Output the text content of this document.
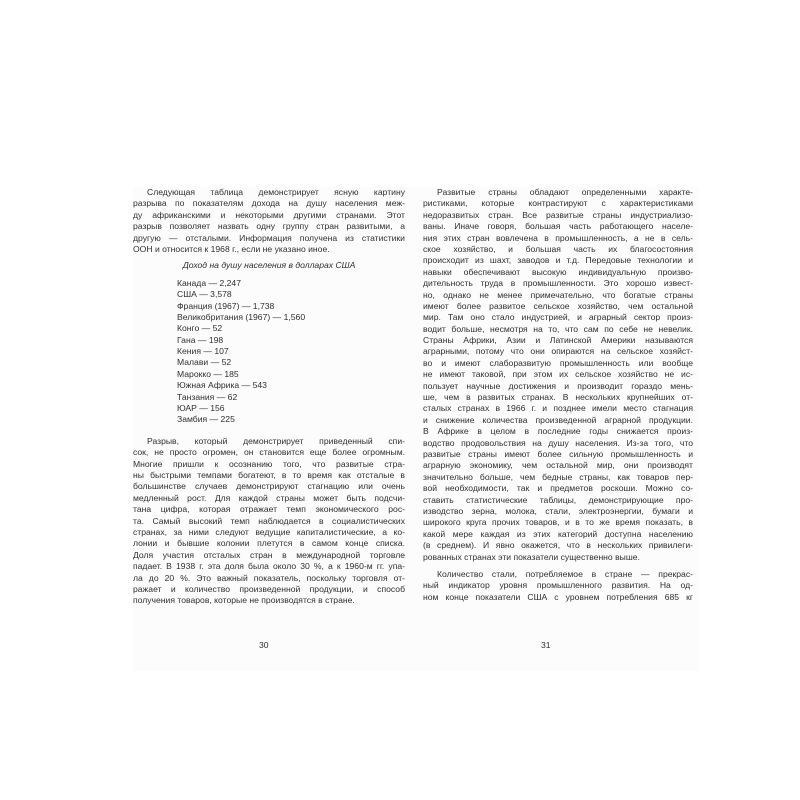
Следующая таблица демонстрирует ясную картину
разрыва по показателям дохода на душу населения меж-
ду африканскими и некоторыми другими странами. Этот
разрыв позволяет назвать одну группу стран развитыми, а
другую — отсталыми. Информация получена из статистики
ООН и относится к 1968 г., если не указано иное.
Доход на душу населения в долларах США
Канада — 2,247
США — 3,578
Франция (1967) — 1,738
Великобритания (1967) — 1,560
Конго — 52
Гана — 198
Кения — 107
Малави — 52
Марокко — 185
Южная Африка — 543
Танзания — 62
ЮАР — 156
Замбия — 225
Разрыв, который демонстрирует приведенный спи-
сок, не просто огромен, он становится еще более огромным.
Многие пришли к осознанию того, что развитые стра-
ны быстрыми темпами богатеют, в то время как отсталые в
большинстве случаев демонстрируют стагнацию или очень
медленный рост. Для каждой страны может быть подсчи-
тана цифра, которая отражает темп экономического рос-
та. Самый высокий темп наблюдается в социалистических
странах, за ними следуют ведущие капиталистические, а ко-
лонии и бывшие колонии плетутся в самом конце списка.
Доля участия отсталых стран в международной торговле
падает. В 1938 г. эта доля была около 30 %, а к 1960-м гг. упа-
ла до 20 %. Это важный показатель, поскольку торговля от-
ражает и количество произведенной продукции, и способ
получения товаров, которые не производятся в стране.
Развитые страны обладают определенными характе-
ристиками, которые контрастируют с характеристиками
недоразвитых стран. Все развитые страны индустриализо-
ваны. Иначе говоря, большая часть работающего населе-
ния этих стран вовлечена в промышленность, а не в сель-
ское хозяйство, и большая часть их благосостояния
происходит из шахт, заводов и т.д. Передовые технологии и
навыки обеспечивают высокую индивидуальную произво-
дительность труда в промышленности. Это хорошо извест-
но, однако не менее примечательно, что богатые страны
имеют более развитое сельское хозяйство, чем остальной
мир. Там оно стало индустрией, и аграрный сектор произ-
водит больше, несмотря на то, что сам по себе не невелик.
Страны Африки, Азии и Латинской Америки называются
аграрными, потому что они опираются на сельское хозяйст-
во и имеют слаборазвитую промышленность или вообще
не имеют таковой, при этом их сельское хозяйство не ис-
пользует научные достижения и производит гораздо мень-
ше, чем в развитых странах. В нескольких крупнейших от-
сталых странах в 1966 г. и позднее имели место стагнация
и снижение количества произведенной аграрной продукции.
В Африке в целом в последние годы снижается произ-
водство продовольствия на душу населения. Из-за того, что
развитые страны имеют более сильную промышленность и
аграрную экономику, чем остальной мир, они производят
значительно больше, чем бедные страны, как товаров пер-
вой необходимости, так и предметов роскоши. Можно со-
ставить статистические таблицы, демонстрирующие про-
изводство зерна, молока, стали, электроэнергии, бумаги и
широкого круга прочих товаров, и в то же время показать, в
какой мере каждая из этих категорий доступна населению
(в среднем). И явно окажется, что в нескольких привилеги-
рованных странах эти показатели существенно выше.
Количество стали, потребляемое в стране — прекрас-
ный индикатор уровня промышленного развития. На од-
ном конце показатели США с уровнем потребления 685 кг
30	31
